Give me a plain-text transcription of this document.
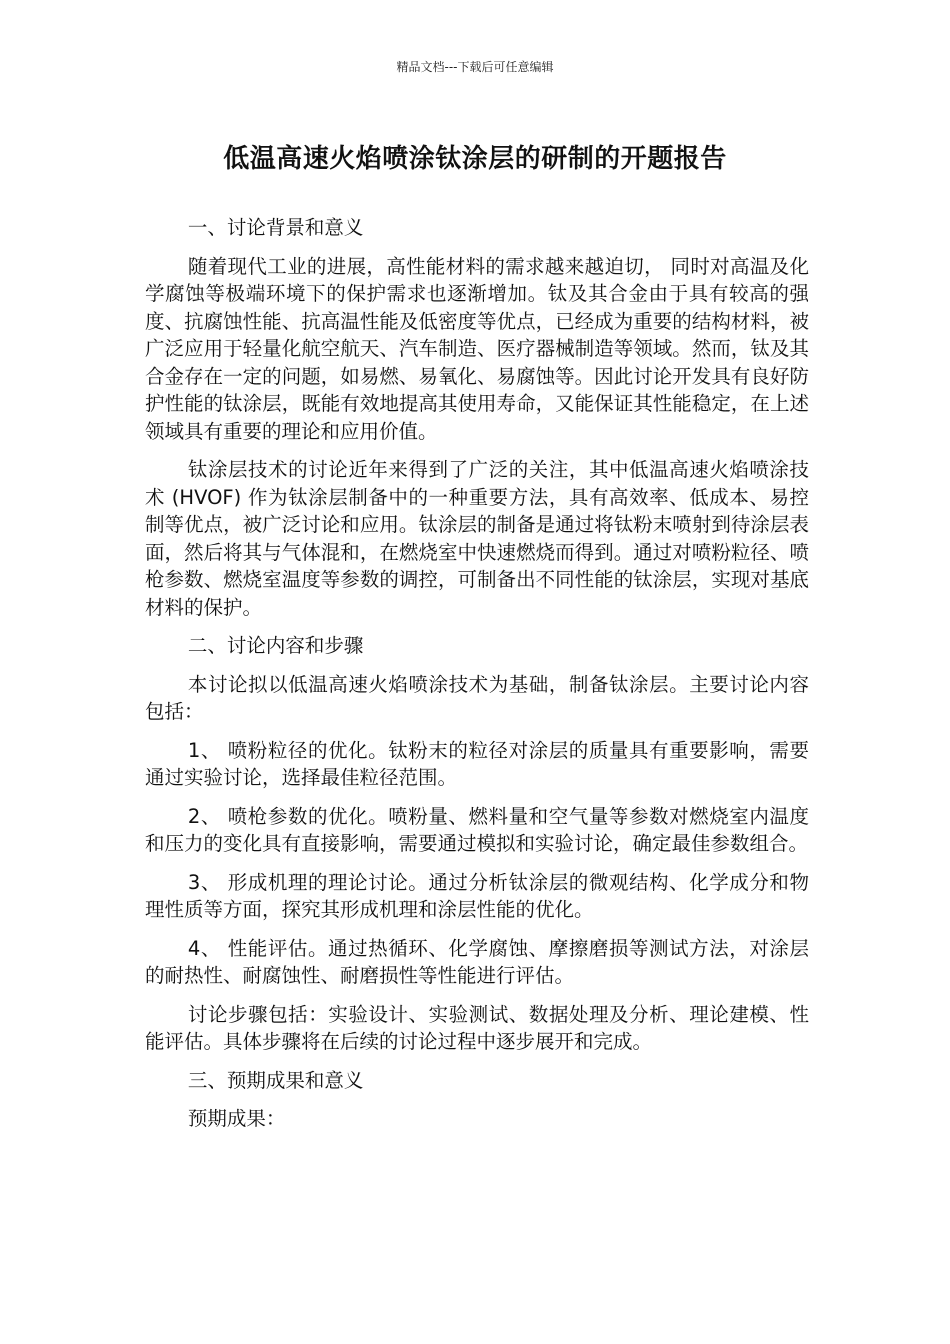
精品文档---下载后可任意编辑
低温高速火焰喷涂钛涂层的研制的开题报告

一、讨论背景和意义

随着现代工业的进展，高性能材料的需求越来越迫切， 同时对高温及化学腐蚀等极端环境下的保护需求也逐渐增加。钛及其合金由于具有较高的强度、抗腐蚀性能、抗高温性能及低密度等优点，已经成为重要的结构材料，被广泛应用于轻量化航空航天、汽车制造、医疗器械制造等领域。然而，钛及其合金存在一定的问题，如易燃、易氧化、易腐蚀等。因此讨论开发具有良好防护性能的钛涂层，既能有效地提高其使用寿命，又能保证其性能稳定，在上述领域具有重要的理论和应用价值。

钛涂层技术的讨论近年来得到了广泛的关注，其中低温高速火焰喷涂技术 (HVOF) 作为钛涂层制备中的一种重要方法，具有高效率、低成本、易控制等优点，被广泛讨论和应用。钛涂层的制备是通过将钛粉末喷射到待涂层表面，然后将其与气体混和，在燃烧室中快速燃烧而得到。通过对喷粉粒径、喷枪参数、燃烧室温度等参数的调控，可制备出不同性能的钛涂层，实现对基底材料的保护。

二、讨论内容和步骤

本讨论拟以低温高速火焰喷涂技术为基础，制备钛涂层。主要讨论内容包括：

1、 喷粉粒径的优化。钛粉末的粒径对涂层的质量具有重要影响，需要通过实验讨论，选择最佳粒径范围。

2、 喷枪参数的优化。喷粉量、燃料量和空气量等参数对燃烧室内温度和压力的变化具有直接影响，需要通过模拟和实验讨论，确定最佳参数组合。

3、 形成机理的理论讨论。通过分析钛涂层的微观结构、化学成分和物理性质等方面，探究其形成机理和涂层性能的优化。

4、 性能评估。通过热循环、化学腐蚀、摩擦磨损等测试方法，对涂层的耐热性、耐腐蚀性、耐磨损性等性能进行评估。

讨论步骤包括：实验设计、实验测试、数据处理及分析、理论建模、性能评估。具体步骤将在后续的讨论过程中逐步展开和完成。

三、预期成果和意义

预期成果：
